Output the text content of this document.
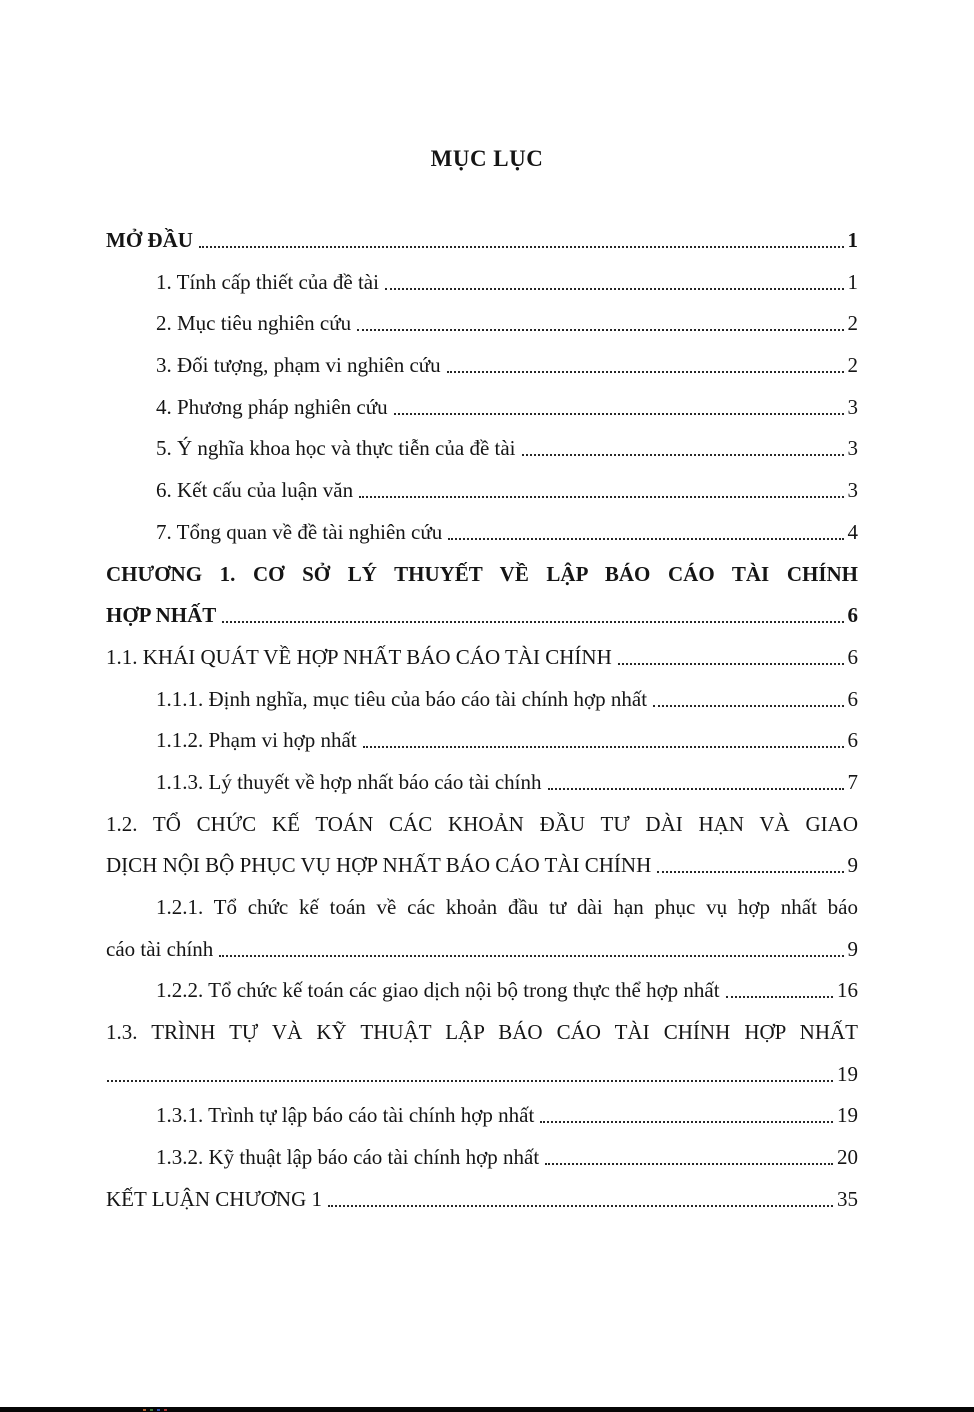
MỤC LỤC
MỞ ĐẦU	1
1. Tính cấp thiết của đề tài	1
2. Mục tiêu nghiên cứu	2
3. Đối tượng, phạm vi nghiên cứu	2
4. Phương pháp nghiên cứu	3
5. Ý nghĩa khoa học và thực tiễn của đề tài	3
6. Kết cấu của luận văn	3
7. Tổng quan về đề tài nghiên cứu	4
CHƯƠNG 1. CƠ SỞ LÝ THUYẾT VỀ LẬP BÁO CÁO TÀI CHÍNH
HỢP NHẤT	6
1.1. KHÁI QUÁT VỀ HỢP NHẤT BÁO CÁO TÀI CHÍNH	6
1.1.1. Định nghĩa, mục tiêu của báo cáo tài chính hợp nhất	6
1.1.2. Phạm vi hợp nhất	6
1.1.3. Lý thuyết về hợp nhất báo cáo tài chính	7
1.2. TỔ CHỨC KẾ TOÁN CÁC KHOẢN ĐẦU TƯ DÀI HẠN VÀ GIAO
DỊCH NỘI BỘ PHỤC VỤ HỢP NHẤT BÁO CÁO TÀI CHÍNH	9
1.2.1. Tổ chức kế toán về các khoản đầu tư dài hạn phục vụ hợp nhất báo
cáo tài chính	9
1.2.2. Tổ chức kế toán các giao dịch nội bộ trong thực thể hợp nhất	16
1.3. TRÌNH TỰ VÀ KỸ THUẬT LẬP BÁO CÁO TÀI CHÍNH HỢP NHẤT
19
1.3.1. Trình tự lập báo cáo tài chính hợp nhất	19
1.3.2. Kỹ thuật lập báo cáo tài chính hợp nhất	20
KẾT LUẬN CHƯƠNG 1	35
